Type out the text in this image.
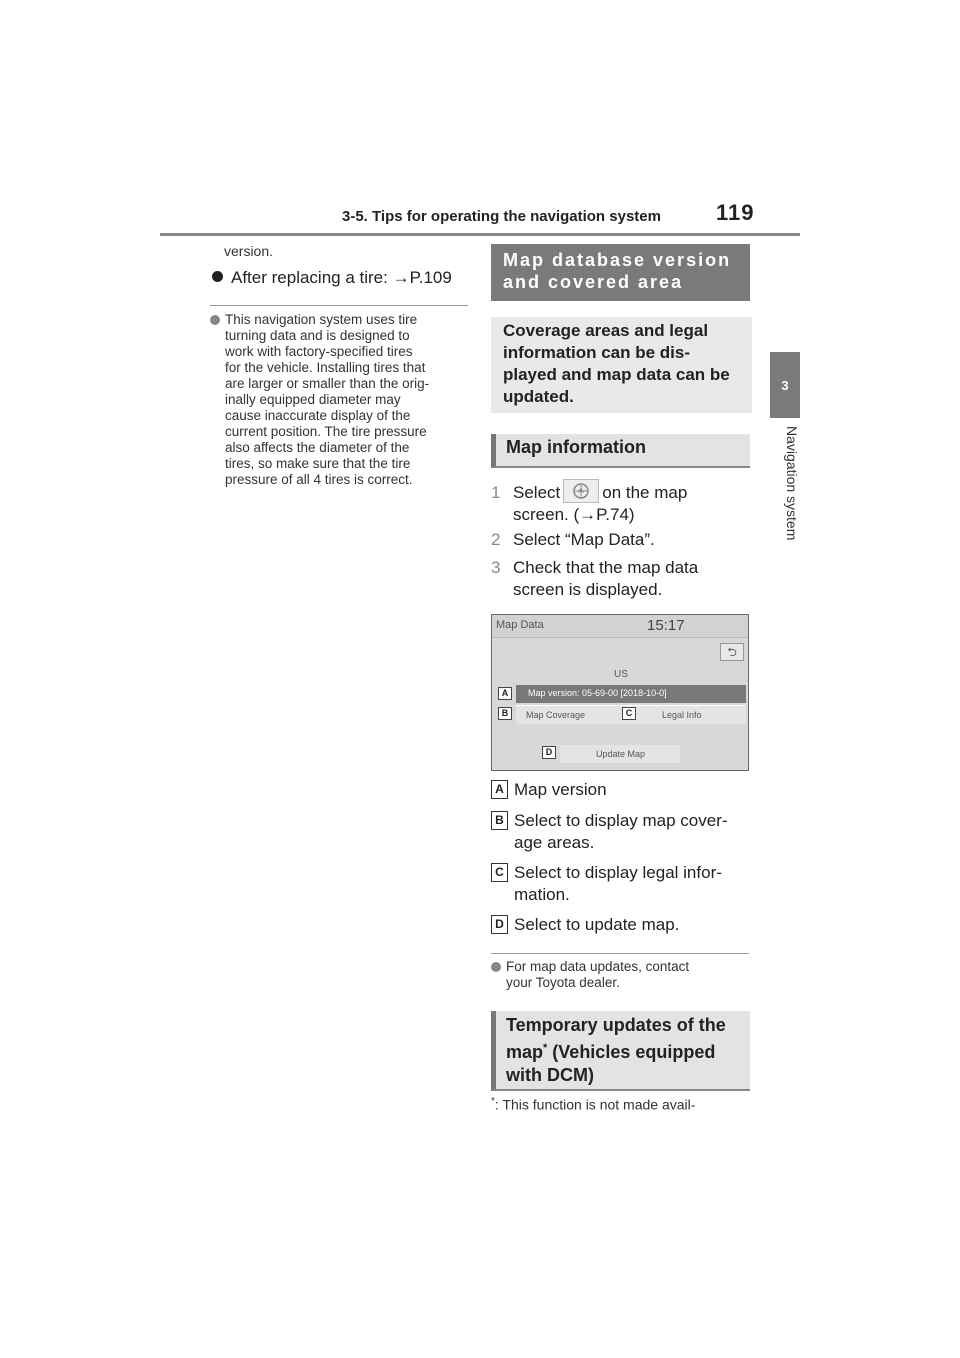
3-5. Tips for operating the navigation system	119
3
Navigation system
version.
After replacing a tire: →P.109

This navigation system uses tire

turning data and is designed to

work with factory-specified tires

for the vehicle. Installing tires that

are larger or smaller than the orig-

inally equipped diameter may

cause inaccurate display of the

current position. The tire pressure

also affects the diameter of the

tires, so make sure that the tire

pressure of all 4 tires is correct.

Map database version
and covered area
Coverage areas and legal
information can be dis-
played and map data can be
updated.
Map information
1 Select on the map
screen. (→P.74)
2 Select “Map Data”.
3 Check that the map data
screen is displayed.
Map Data	15:17
⮌
US
Map version: 05-69-00 [2018-10-0]
A
Map Coverage	Legal Info
B	C
Update Map
D
A Map version
B Select to display map cover-
age areas.
C Select to display legal infor-
mation.
D Select to update map.

For map data updates, contact

your Toyota dealer.

Temporary updates of the
map* (Vehicles equipped
with DCM)
*: This function is not made avail-
